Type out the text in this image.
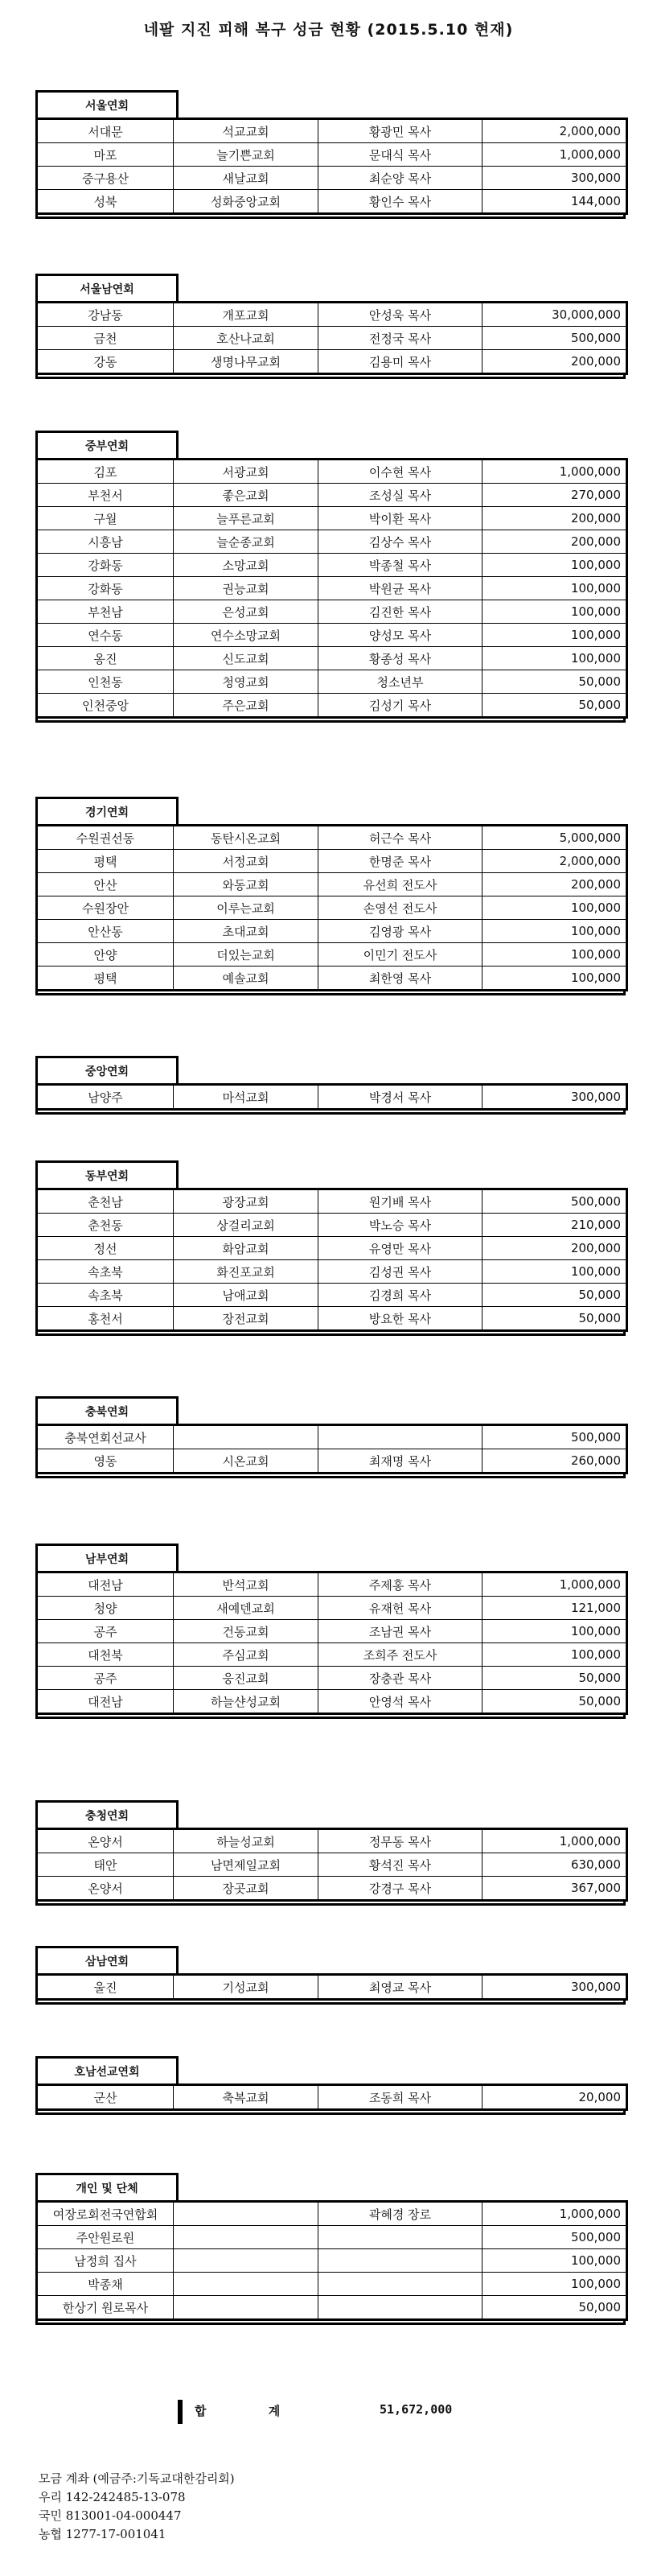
네팔 지진 피해 복구 성금 현황 (2015.5.10 현재)
서울연회
서대문	석교교회	황광민 목사	2,000,000
마포	늘기쁜교회	문대식 목사	1,000,000
중구용산	새날교회	최순양 목사	300,000
성북	성화중앙교회	황인수 목사	144,000
서울남연회
강남동	개포교회	안성욱 목사	30,000,000
금천	호산나교회	전정국 목사	500,000
강동	생명나무교회	김용미 목사	200,000
중부연회
김포	서광교회	이수현 목사	1,000,000
부천서	좋은교회	조성실 목사	270,000
구월	늘푸른교회	박이환 목사	200,000
시흥남	늘순종교회	김상수 목사	200,000
강화동	소망교회	박종철 목사	100,000
강화동	권능교회	박원균 목사	100,000
부천남	은성교회	김진한 목사	100,000
연수동	연수소망교회	양성모 목사	100,000
옹진	신도교회	황종성 목사	100,000
인천동	청영교회	청소년부	50,000
인천중앙	주은교회	김성기 목사	50,000
경기연회
수원권선동	동탄시온교회	허근수 목사	5,000,000
평택	서정교회	한명준 목사	2,000,000
안산	와동교회	유선희 전도사	200,000
수원장안	이루는교회	손영선 전도사	100,000
안산동	초대교회	김영광 목사	100,000
안양	더있는교회	이민기 전도사	100,000
평택	예솔교회	최한영 목사	100,000
중앙연회
남양주	마석교회	박경서 목사	300,000
동부연회
춘천남	광장교회	원기배 목사	500,000
춘천동	상걸리교회	박노승 목사	210,000
정선	화암교회	유영만 목사	200,000
속초북	화진포교회	김성권 목사	100,000
속초북	남애교회	김경희 목사	50,000
홍천서	장전교회	방요한 목사	50,000
충북연회
충북연회선교사			500,000
영동	시온교회	최재명 목사	260,000
남부연회
대전남	반석교회	주제홍 목사	1,000,000
청양	새예덴교회	유재헌 목사	121,000
공주	건동교회	조남권 목사	100,000
대천북	주심교회	조희주 전도사	100,000
공주	웅진교회	장충관 목사	50,000
대전남	하늘샨성교회	안영석 목사	50,000
충청연회
온양서	하늘성교회	정무동 목사	1,000,000
태안	남면제일교회	황석진 목사	630,000
온양서	장곳교회	강경구 목사	367,000
삼남연회
울진	기성교회	최영교 목사	300,000
호남선교연회
군산	축복교회	조동희 목사	20,000
개인 및 단체
여장로회전국연합회		곽혜경 장로	1,000,000
주안원로원			500,000
남정희 집사			100,000
박종채			100,000
한상기 원로목사			50,000
합 계	51,672,000
모금 계좌 (예금주:기독교대한감리회)
우리 142-242485-13-078
국민 813001-04-000447
농협 1277-17-001041
